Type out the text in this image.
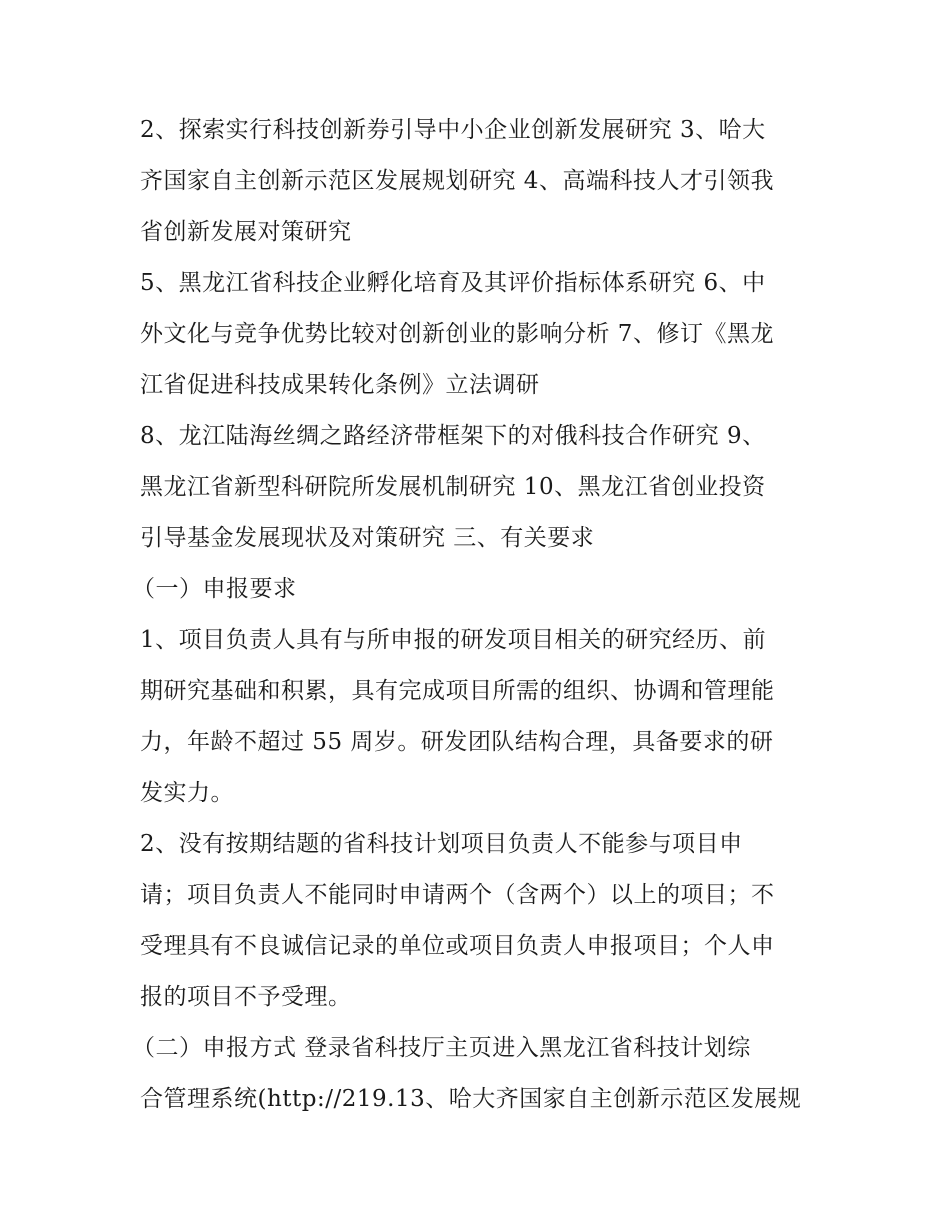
2、探索实行科技创新券引导中小企业创新发展研究 3、哈大
齐国家自主创新示范区发展规划研究 4、高端科技人才引领我
省创新发展对策研究

5、黑龙江省科技企业孵化培育及其评价指标体系研究 6、中
外文化与竞争优势比较对创新创业的影响分析 7、修订《黑龙
江省促进科技成果转化条例》立法调研

8、龙江陆海丝绸之路经济带框架下的对俄科技合作研究 9、
黑龙江省新型科研院所发展机制研究 10、黑龙江省创业投资
引导基金发展现状及对策研究 三、有关要求

（一）申报要求

1、项目负责人具有与所申报的研发项目相关的研究经历、前
期研究基础和积累，具有完成项目所需的组织、协调和管理能
力，年龄不超过 55 周岁。研发团队结构合理，具备要求的研
发实力。

2、没有按期结题的省科技计划项目负责人不能参与项目申
请；项目负责人不能同时申请两个（含两个）以上的项目；不
受理具有不良诚信记录的单位或项目负责人申报项目；个人申
报的项目不予受理。

（二）申报方式 登录省科技厅主页进入黑龙江省科技计划综
合管理系统(http://219.13、哈大齐国家自主创新示范区发展规
